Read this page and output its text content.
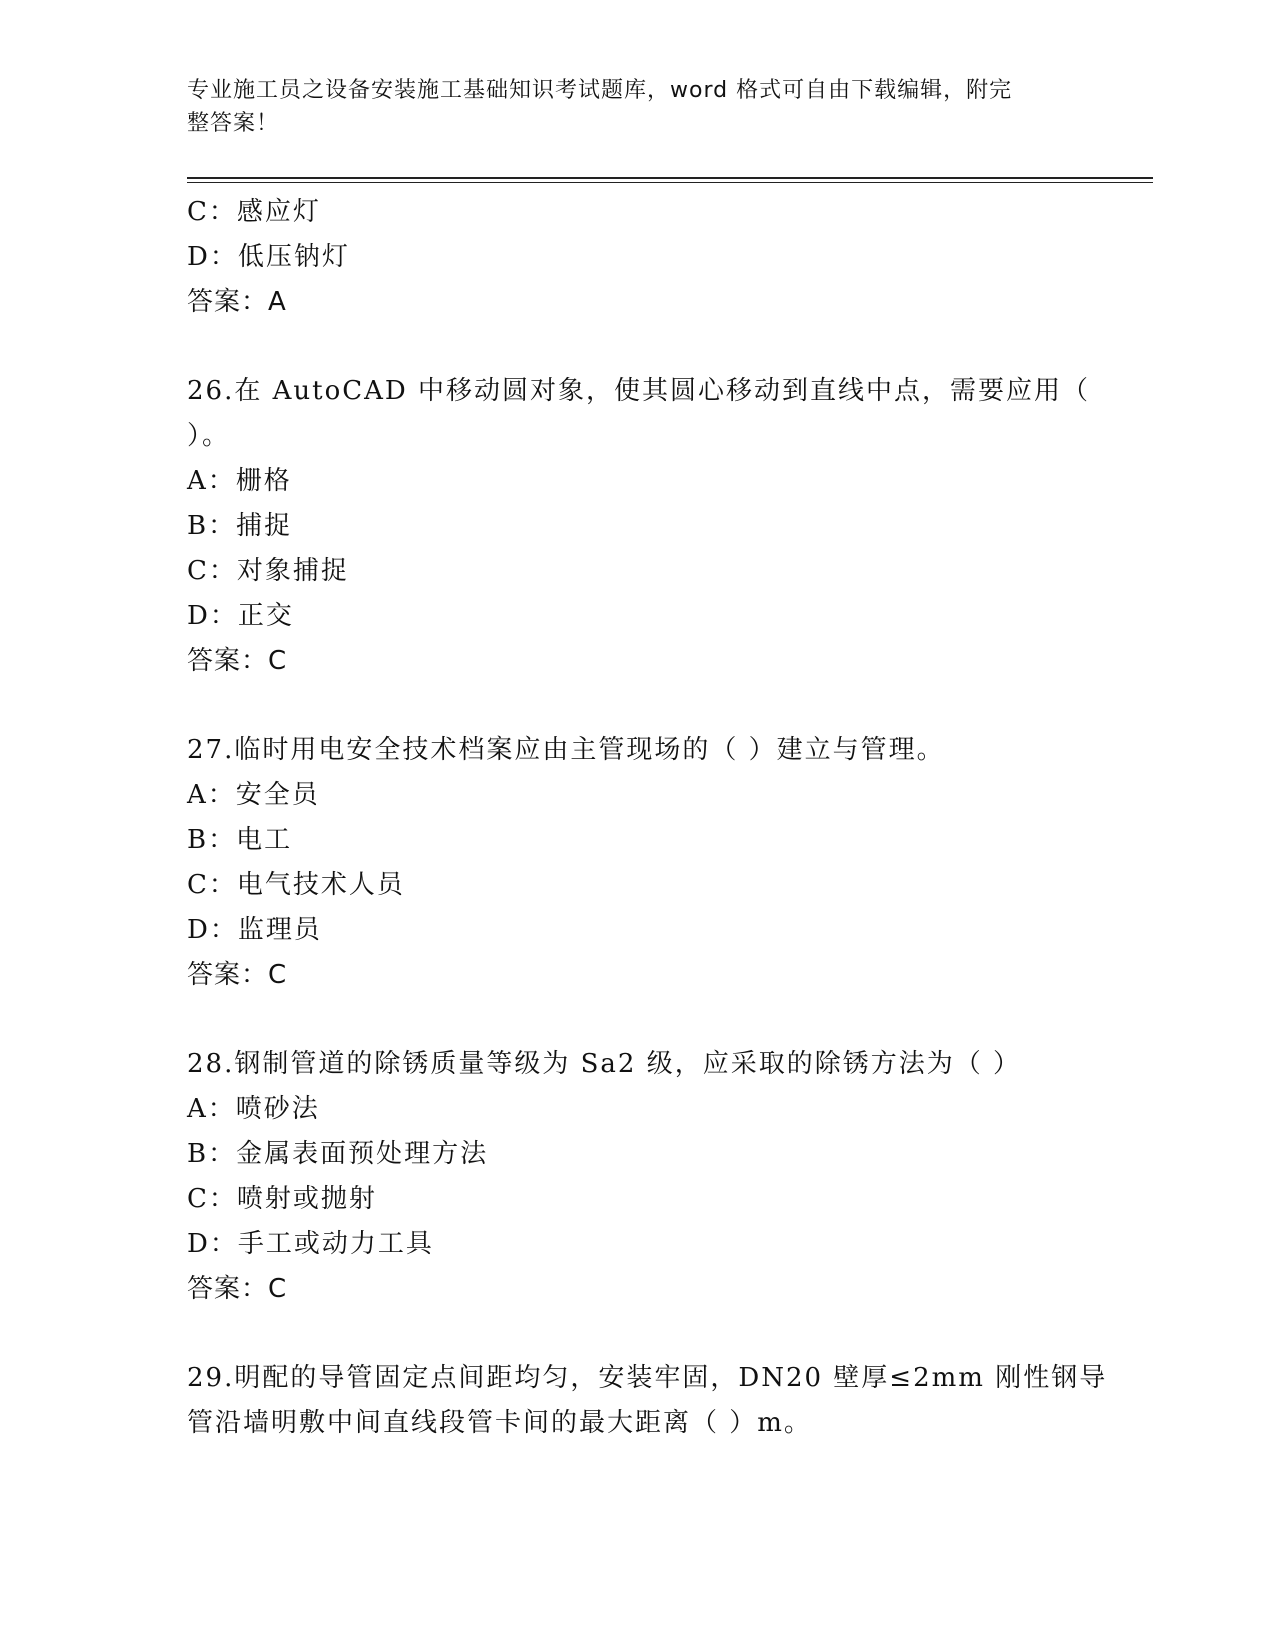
专业施工员之设备安装施工基础知识考试题库，word 格式可自由下载编辑，附完
整答案！
C：感应灯
D：低压钠灯
答案：A
26.在 AutoCAD 中移动圆对象，使其圆心移动到直线中点，需要应用（
）。
A：栅格
B：捕捉
C：对象捕捉
D：正交
答案：C
27.临时用电安全技术档案应由主管现场的（ ）建立与管理。
A：安全员
B：电工
C：电气技术人员
D：监理员
答案：C
28.钢制管道的除锈质量等级为 Sa2 级，应采取的除锈方法为（ ）
A：喷砂法
B：金属表面预处理方法
C：喷射或抛射
D：手工或动力工具
答案：C
29.明配的导管固定点间距均匀，安装牢固，DN20 壁厚≤2mm 刚性钢导
管沿墙明敷中间直线段管卡间的最大距离（ ）m。
